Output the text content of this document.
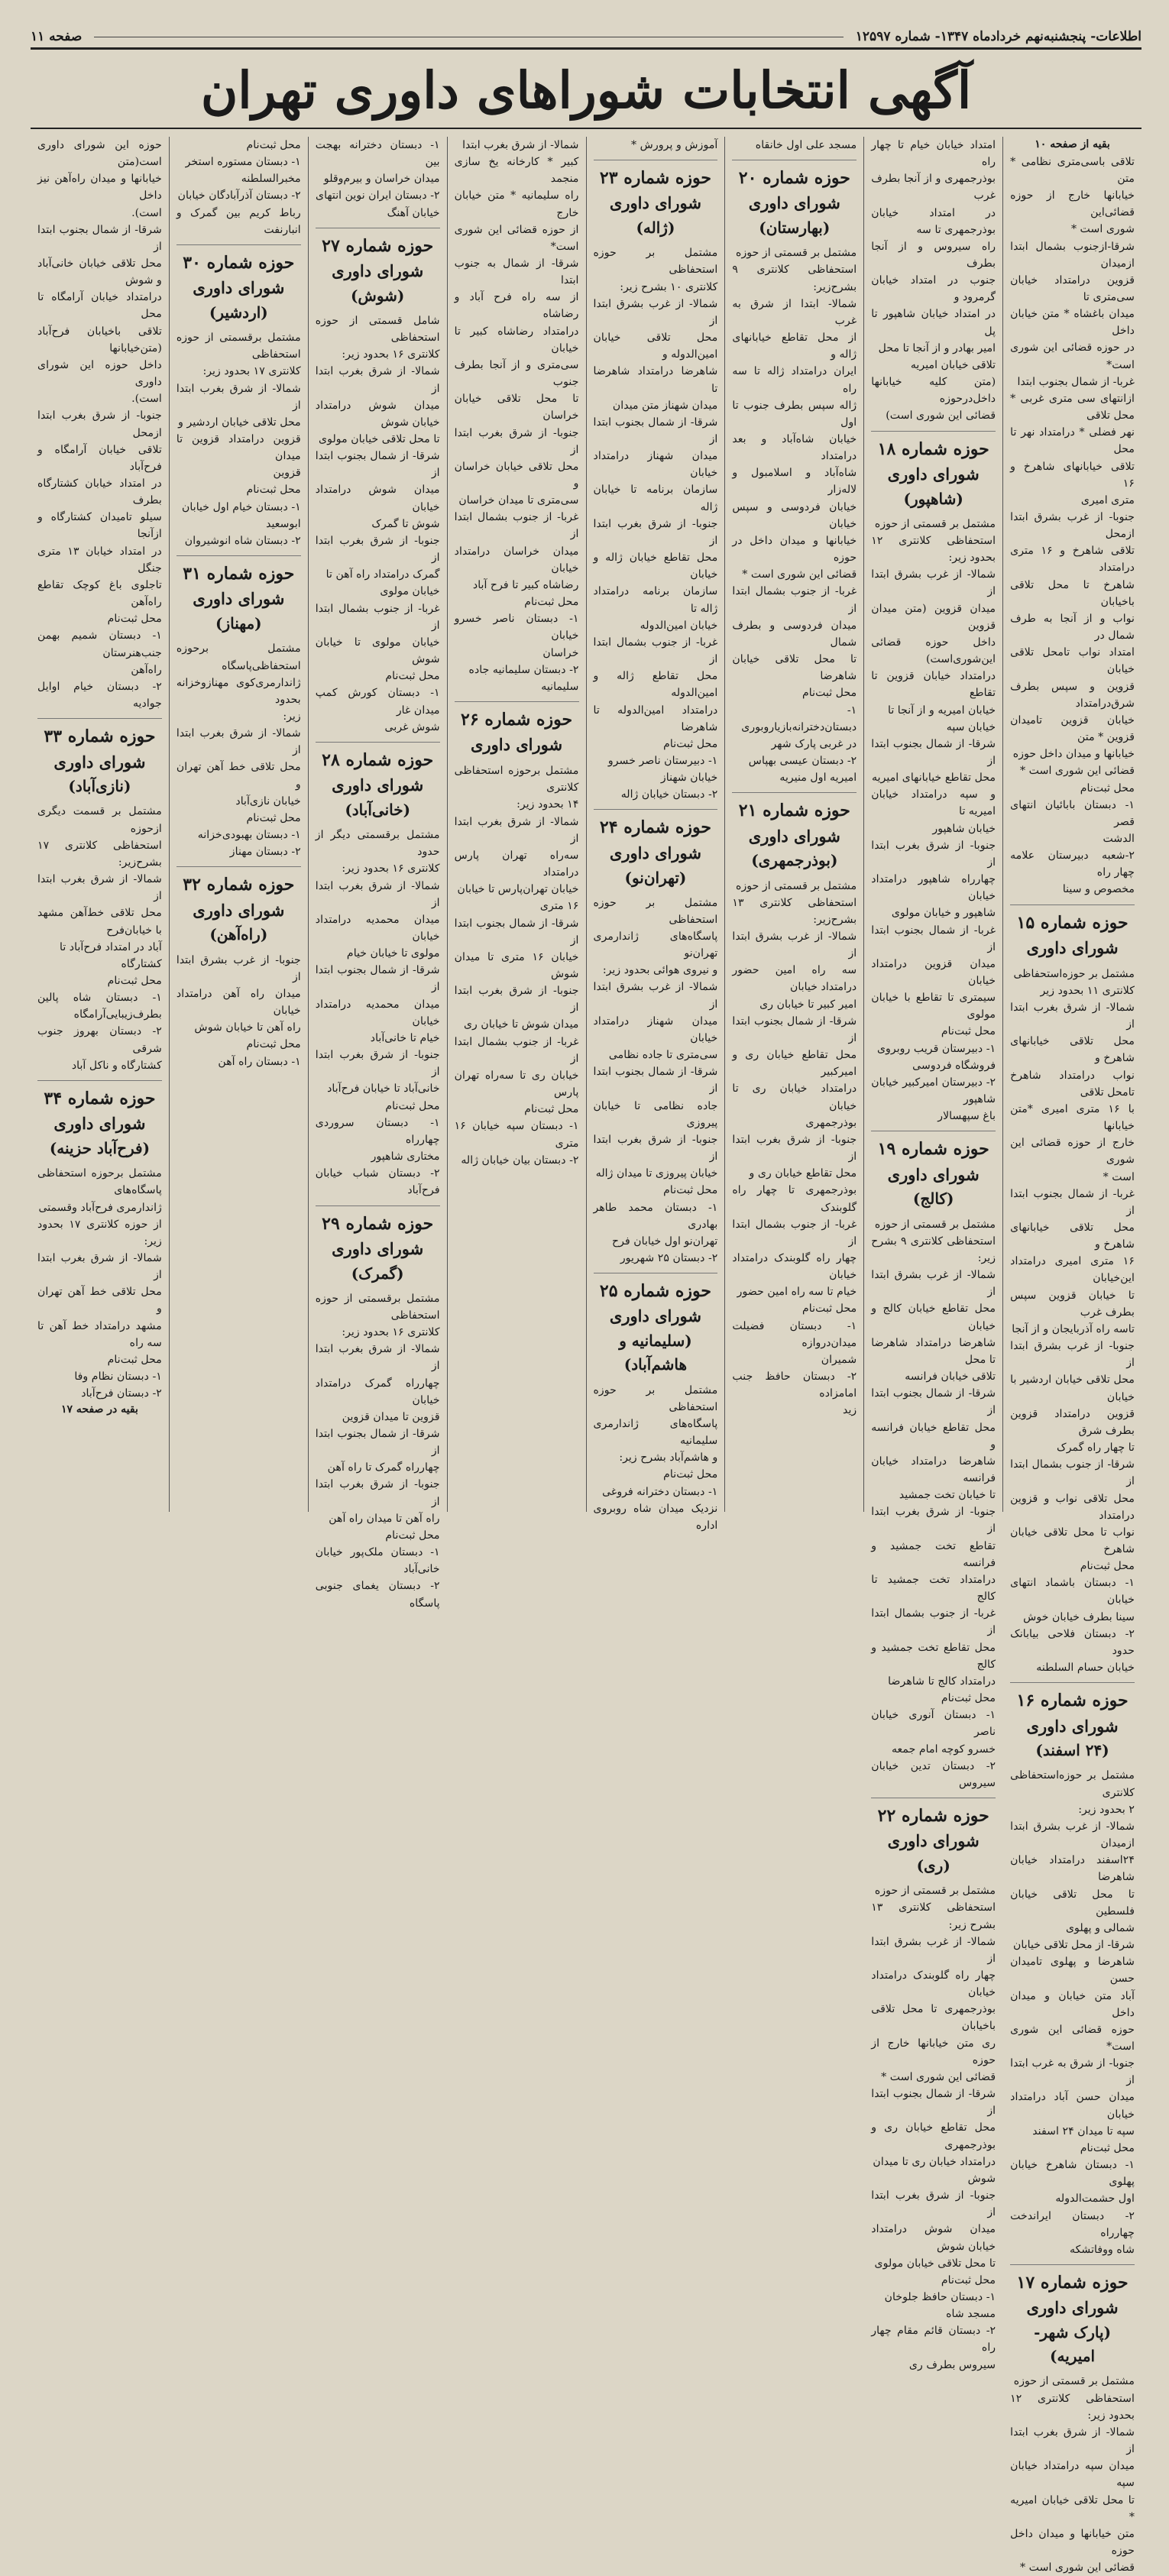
اطلاعات- پنجشنبه‌نهم خردادماه ۱۳۴۷- شماره ۱۲۵۹۷
صفحه ۱۱
آگهی انتخابات شوراهای داوری تهران
بقیه از صفحه ۱۰
تلاقی باسی‌متری نظامی * متن
خیابانها خارج از حوزه قضائی‌این
شوری است *
شرقا-ازجنوب بشمال ابتدا ازمیدان
قزوین درامتداد خیابان سی‌متری تا
میدان باغشاه * متن خیابان داخل
در حوزه قضائی این شوری است*
غربا- از شمال بجنوب ابتدا
ازانتهای سی متری غربی * محل تلاقی
نهر فضلی * درامتداد نهر تا محل
تلاقی خیابانهای شاهرخ و ۱۶
متری امیری
جنوبا- از غرب بشرق ابتدا ازمحل
تلاقی شاهرخ و ۱۶ متری درامتداد
شاهرخ تا محل تلاقی باخیابان
نواب و از آنجا به طرف شمال در
امتداد نواب تامحل تلاقی خیابان
قزوین و سپس بطرف شرق‌درامتداد
خیابان قزوین تامیدان قزوین * متن
خیابانها و میدان داخل حوزه
قضائی این شوری است *
محل ثبت‌نام
۱- دبستان بابائیان انتهای قصر
الدشت
۲-شعبه دبیرستان علامه چهار راه
مخصوص و سینا
حوزه شماره ۱۵
شورای داوری
مشتمل بر حوزه‌استحفاظی
کلانتری ۱۱ بحدود زیر
شمالا- از شرق بغرب ابتدا از
محل تلاقی خیابانهای شاهرخ و
نواب درامتداد شاهرخ تامحل تلاقی
با ۱۶ متری امیری *متن خیابانها
خارج از حوزه قضائی این شوری
است *
غربا- از شمال بجنوب ابتدا از
محل تلاقی خیابانهای شاهرخ و
۱۶ متری امیری درامتداد این‌خیابان
تا خیابان قزوین سپس بطرف غرب
تاسه راه آذربایجان و از آنجا
جنوبا- از غرب بشرق ابتدا از
محل تلاقی خیابان ‌اردشیر با خیابان
قزوین درامتداد قزوین بطرف شرق
تا چهار راه گمرک
شرقا- از جنوب بشمال ابتدا از
محل تلاقی نواب و قزوین درامتداد
نواب تا محل تلاقی خیابان شاهرخ
محل ثبت‌نام
۱- دبستان باشماد انتهای خیابان
سینا بطرف خیابان خوش
۲- دبستان فلاحی بیابانک حدود
خیابان حسام السلطنه
حوزه شماره ۱۶
شورای داوری
(۲۴ اسفند)
مشتمل بر حوزه‌استحفاظی کلانتری
۲ بحدود زیر:
شمالا- از غرب بشرق ابتدا ازمیدان
۲۴اسفند درامتداد خیابان شاهرضا
تا محل تلاقی خیابان فلسطین
شمالی و پهلوی
شرقا- از محل تلاقی خیابان
شاهرضا و پهلوی تامیدان حسن
آباد متن خیابان و میدان داخل
حوزه قضائی این شوری است*
جنوبا- از شرق به غرب ابتدا از
میدان حسن آباد درامتداد خیابان
سپه تا میدان ۲۴ اسفند
محل ثبت‌نام
۱- دبستان شاهرخ خیابان پهلوی
اول حشمت‌الدوله
۲- دبستان ایراندخت چهارراه
شاه ووفاتشکه
حوزه شماره ۱۷
شورای داوری
(پارک شهر- امیریه)
مشتمل بر قسمتی از حوزه
استحفاظی کلانتری ۱۲ بحدود زیر:
شمالا- از شرق بغرب ابتدا از
میدان سپه درامتداد خیابان سپه
تا محل تلاقی خیابان امیریه *
متن خیابانها و میدان داخل حوزه
قضائی این شوری است *
امتداد خیابان خیام تا چهار راه
بوذرجمهری و از آنجا بطرف غرب
در امتداد خیابان بوذرجمهری تا سه
راه سیروس و از آنجا بطرف
جنوب در امتداد خیابان گرمرود و
در امتداد خیابان شاهپور تا پل
امیر بهادر و از آنجا تا محل
تلاقی خیابان امیریه
(متن کلیه خیابانها داخل‌درحوزه
قضائی این شوری است)
حوزه شماره ۱۸
شورای داوری
(شاهپور)
مشتمل بر قسمتی از حوزه
استحفاظی کلانتری ۱۲ بحدود زیر:
شمالا- از غرب بشرق ابتدا از
میدان قزوین (متن میدان قزوین
داخل حوزه قضائی این‌شوری‌است)
درامتداد خیابان قزوین تا تقاطع
خیابان امیریه و از آنجا تا
خیابان سپه
شرقا- از شمال بجنوب ابتدا از
محل تقاطع خیابانهای امیریه
و سپه درامتداد خیابان امیریه تا
خیابان شاهپور
جنوبا- از شرق بغرب ابتدا از
چهارراه شاهپور درامتداد خیابان
شاهپور و خیابان مولوی
غربا- از شمال بجنوب ابتدا از
میدان قزوین درامتداد خیابان
سیمتری تا تقاطع با خیابان مولوی
محل ثبت‌نام
۱- دبیرستان قریب روبروی
فروشگاه فردوسی
۲- دبیرستان امیرکبیر خیابان شاهپور
باغ سپهسالار
حوزه شماره ۱۹
شورای داوری
(کالج)
مشتمل بر قسمتی از حوزه
استحفاظی کلانتری ۹ بشرح زیر:
شمالا- از غرب بشرق ابتدا از
محل تقاطع خیابان کالج و خیابان
شاهرضا درامتداد شاهرضا تا محل
تلاقی خیابان فرانسه
شرقا- از شمال بجنوب ابتدا از
محل تقاطع خیابان فرانسه و
شاهرضا درامتداد خیابان فرانسه
تا خیابان تخت جمشید
جنوبا- از شرق بغرب ابتدا از
تقاطع تخت جمشید و فرانسه
درامتداد تخت جمشید تا کالج
غربا- از جنوب بشمال ابتدا از
محل تقاطع تخت جمشید و کالج
درامتداد کالج تا شاهرضا
محل ثبت‌نام
۱- دبستان آنوری خیابان ناصر
خسرو کوچه امام جمعه
۲- دبستان تدین خیابان سیروس
حوزه شماره ۲۲
شورای داوری
(ری)
مشتمل بر قسمتی از حوزه
استحفاظی کلانتری ۱۳ بشرح زیر:
شمالا- از غرب بشرق ابتدا از
چهار راه گلوبندک درامتداد خیابان
بوذرجمهری تا محل تلاقی باخیابان
ری متن خیابانها خارج از حوزه
قضائی این شوری است *
شرقا- از شمال بجنوب ابتدا از
محل تقاطع خیابان ری و بوذرجمهری
درامتداد خیابان ری تا میدان
شوش
جنوبا- از شرق بغرب ابتدا از
میدان شوش درامتداد خیابان شوش
تا محل تلاقی خیابان مولوی
محل ثبت‌نام
۱- دبستان حافظ جلوخان
مسجد شاه
۲- دبستان قائم مقام چهار راه
سیروس بطرف ری
مسجد علی اول خانقاه
حوزه شماره ۲۰
شورای داوری
(بهارستان)
مشتمل بر قسمتی از حوزه
استحفاظی کلانتری ۹ بشرح‌زیر:
شمالا- ابتدا از شرق به غرب
از محل تقاطع خیابانهای ژاله و
ایران درامتداد ژاله تا سه راه
ژاله سپس بطرف جنوب تا اول
خیابان شاه‌آباد و بعد درامتداد
شاه‌آباد و اسلامبول و لاله‌زار
خیابان فردوسی و سپس خیابان
خیابانها و میدان داخل در حوزه
قضائی این شوری است *
غربا- از جنوب بشمال ابتدا از
میدان فردوسی و بطرف شمال
تا محل تلاقی خیابان شاهرضا
محل ثبت‌نام
۱- دبستان‌دخترانه‌بازیاروبوری
در غربی پارک شهر
۲- دبستان عیسی بهپاس
امیریه اول منیریه
حوزه شماره ۲۱
شورای داوری
(بوذرجمهری)
مشتمل بر قسمتی از حوزه
استحفاظی کلانتری ۱۳ بشرح‌زیر:
شمالا- از غرب بشرق ابتدا از
سه راه امین حضور درامتداد خیابان
امیر کبیر تا خیابان ری
شرقا- از شمال بجنوب ابتدا از
محل تقاطع خیابان ری و امیرکبیر
درامتداد خیابان ری تا خیابان
بوذرجمهری
جنوبا- از شرق بغرب ابتدا از
محل تقاطع خیابان ری و
بوذرجمهری تا چهار راه گلوبندک
غربا- از جنوب بشمال ابتدا از
چهار راه گلوبندک درامتداد خیابان
خیام تا سه راه امین حضور
محل ثبت‌نام
۱- دبستان فضیلت میدان‌دروازه
شمیران
۲- دبستان حافظ جنب امامزاده
زید
آموزش و پرورش *
حوزه شماره ۲۳
شورای داوری
(ژاله)
مشتمل بر حوزه استحفاظی
کلانتری ۱۰ بشرح زیر:
شمالا- از غرب بشرق ابتدا از
محل تلاقی خیابان امین‌الدوله و
شاهرضا درامتداد شاهرضا تا
میدان شهناز متن میدان
شرقا- از شمال بجنوب ابتدا از
میدان شهناز درامتداد خیابان
سازمان برنامه تا خیابان ژاله
جنوبا- از شرق بغرب ابتدا از
محل تقاطع خیابان ژاله و خیابان
سازمان برنامه درامتداد ژاله تا
خیابان امین‌الدوله
غربا- از جنوب بشمال ابتدا از
محل تقاطع ژاله و امین‌الدوله
درامتداد امین‌الدوله تا شاهرضا
محل ثبت‌نام
۱- دبیرستان ناصر خسرو
خیابان شهناز
۲- دبستان خیابان ژاله
حوزه شماره ۲۴
شورای داوری
(تهران‌نو)
مشتمل بر حوزه استحفاظی
پاسگاه‌های ژاندارمری تهران‌نو
و نیروی هوائی بحدود زیر:
شمالا- از غرب بشرق ابتدا از
میدان شهناز درامتداد خیابان
سی‌متری تا جاده نظامی
شرقا- از شمال بجنوب ابتدا از
جاده نظامی تا خیابان پیروزی
جنوبا- از شرق بغرب ابتدا از
خیابان پیروزی تا میدان ژاله
محل ثبت‌نام
۱- دبستان محمد طاهر بهادری
تهران‌نو اول خیابان فرح
۲- دبستان ۲۵ شهریور
حوزه شماره ۲۵
شورای داوری
(سلیمانیه و هاشم‌آباد)
مشتمل بر حوزه استحفاظی
پاسگاه‌های ژاندارمری سلیمانیه
و هاشم‌آباد بشرح زیر:
محل ثبت‌نام
۱- دبستان دخترانه فروغی
نزدیک میدان شاه روبروی اداره
شمالا- از شرق بغرب ابتدا
کبیر * کارخانه یخ سازی منجمد
راه سلیمانیه * متن خیابان خارج
از حوزه قضائی این شوری است*
شرقا- از شمال به جنوب ابتدا
از سه راه فرح آباد و رضاشاه
درامتداد رضاشاه کبیر تا خیابان
سی‌متری و از آنجا بطرف جنوب
تا محل تلاقی خیابان خراسان
جنوبا- از شرق بغرب ابتدا از
محل تلاقی خیابان خراسان و
سی‌متری تا میدان خراسان
غربا- از جنوب بشمال ابتدا از
میدان خراسان درامتداد خیابان
رضاشاه کبیر تا فرح آباد
محل ثبت‌نام
۱- دبستان ناصر خسرو خیابان
خراسان
۲- دبستان سلیمانیه جاده
سلیمانیه
حوزه شماره ۲۶
شورای داوری
مشتمل برحوزه استحفاظی کلانتری
۱۴ بحدود زیر:
شمالا- از شرق بغرب ابتدا از
سه‌راه تهران پارس درامتداد
خیابان تهران‌پارس تا خیابان
۱۶ متری
شرقا- از شمال بجنوب ابتدا از
خیابان ۱۶ متری تا میدان شوش
جنوبا- از شرق بغرب ابتدا از
میدان شوش تا خیابان ری
غربا- از جنوب بشمال ابتدا از
خیابان ری تا سه‌راه تهران پارس
محل ثبت‌نام
۱- دبستان سپه خیابان ۱۶ متری
۲- دبستان بیان خیابان ژاله
۱- دبستان دخترانه بهجت بین
میدان خراسان و بیرم‌وقلو
۲- دبستان ایران نوین انتهای
خیابان آهنگ
حوزه شماره ۲۷
شورای داوری
(شوش)
شامل قسمتی از حوزه استحفاظی
کلانتری ۱۶ بحدود زیر:
شمالا- از شرق بغرب ابتدا از
میدان شوش درامتداد خیابان شوش
تا محل تلاقی خیابان مولوی
شرقا- از شمال بجنوب ابتدا از
میدان شوش درامتداد خیابان
شوش تا گمرک
جنوبا- از شرق بغرب ابتدا از
گمرک درامتداد راه آهن تا
خیابان مولوی
غربا- از جنوب بشمال ابتدا از
خیابان مولوی تا خیابان شوش
محل ثبت‌نام
۱- دبستان کورش کمپ میدان غار
شوش غربی
حوزه شماره ۲۸
شورای داوری
(خانی‌آباد)
مشتمل برقسمتی دیگر از حدود
کلانتری ۱۶ بحدود زیر:
شمالا- از شرق بغرب ابتدا از
میدان محمدیه درامتداد خیابان
مولوی تا خیابان خیام
شرقا- از شمال بجنوب ابتدا از
میدان محمدیه درامتداد خیابان
خیام تا خانی‌آباد
جنوبا- از شرق بغرب ابتدا از
خانی‌آباد تا خیابان فرح‌آباد
محل ثبت‌نام
۱- دبستان سروردی چهارراه
مختاری شاهپور
۲- دبستان شباب خیابان فرح‌آباد
حوزه شماره ۲۹
شورای داوری
(گمرک)
مشتمل برقسمتی از حوزه استحفاظی
کلانتری ۱۶ بحدود زیر:
شمالا- از شرق بغرب ابتدا از
چهارراه گمرک درامتداد خیابان
قزوین تا میدان قزوین
شرقا- از شمال بجنوب ابتدا از
چهارراه گمرک تا راه آهن
جنوبا- از شرق بغرب ابتدا از
راه آهن تا میدان راه آهن
محل ثبت‌نام
۱- دبستان ملک‌پور خیابان خانی‌آباد
۲- دبستان یغمای جنوبی پاسگاه
محل ثبت‌نام
۱- دبستان مستوره استخر
مخبرالسلطنه
۲- دبستان آذرآبادگان خیابان
رباط کریم بین گمرک و انبارنفت
حوزه شماره ۳۰
شورای داوری
(اردشیر)
مشتمل برقسمتی از حوزه استحفاظی
کلانتری ۱۷ بحدود زیر:
شمالا- از شرق بغرب ابتدا از
محل تلاقی خیابان اردشیر و
قزوین درامتداد قزوین تا میدان
قزوین
محل ثبت‌نام
۱- دبستان خیام اول خیابان
ابوسعید
۲- دبستان شاه انوشیروان
حوزه شماره ۳۱
شورای داوری
(مهناز)
مشتمل برحوزه استحفاظی‌پاسگاه
ژاندارمری‌کوی مهنازو‌خزانه بحدود
زیر:
شمالا- از شرق بغرب ابتدا از
محل تلاقی خط آهن تهران و
خیابان نازی‌آباد
محل ثبت‌نام
۱- دبستان بهبودی‌خزانه
۲- دبستان مهناز
حوزه شماره ۳۲
شورای داوری
(راه‌آهن)
جنوبا- از غرب بشرق ابتدا از
میدان راه آهن درامتداد خیابان
راه آهن تا خیابان شوش
محل ثبت‌نام
۱- دبستان راه آهن
حوزه این شورای داوری است(متن
خیابانها و میدان راه‌آهن نیز داخل
است).
شرقا- از شمال بجنوب ابتدا از
محل تلاقی خیابان خانی‌آباد و شوش
درامتداد خیابان آرامگاه تا محل
تلاقی باخیابان فرح‌آباد (متن‌خیابانها
داخل حوزه این شورای داوری
است).
جنوبا- از شرق بغرب ابتدا ازمحل
تلاقی خیابان آرامگاه و فرح‌آباد
در امتداد خیابان کشتارگاه بطرف
سیلو تامیدان کشتارگاه و ازآنجا
در امتداد خیابان ۱۳ متری جنگل
تاجلوی باغ کوچک تقاطع راه‌آهن
محل ثبت‌نام
۱- دبستان شمیم بهمن جنب‌هنرستان
راه‌آهن
۲- دبستان خیام اوایل جوادیه
حوزه شماره ۳۳
شورای داوری
(نازی‌آباد)
مشتمل بر قسمت دیگری ازحوزه
استحفاظی کلانتری ۱۷ بشرح‌زیر:
شمالا- از شرق بغرب ابتدا از
محل تلاقی خط‌آهن مشهد با خیابان‌فرح
آباد در امتداد فرح‌آباد تا
کشتارگاه
محل ثبت‌نام
۱- دبستان شاه پالین بطرف‌زیبایی‌آرامگاه
۲- دبستان بهروز جنوب شرقی
کشتارگاه و ناکل آباد
حوزه شماره ۳۴
شورای داوری
(فرح‌آباد حزینه)
مشتمل برحوزه استحفاظی پاسگاه‌های
ژاندارمری فرح‌آباد وقسمتی
از حوزه کلانتری ۱۷ بحدود زیر:
شمالا- از شرق بغرب ابتدا از
محل تلاقی خط آهن تهران و
مشهد درامتداد خط آهن تا سه راه
محل ثبت‌نام
۱- دبستان نظام وفا
۲- دبستان فرح‌آباد
بقیه در صفحه ۱۷
